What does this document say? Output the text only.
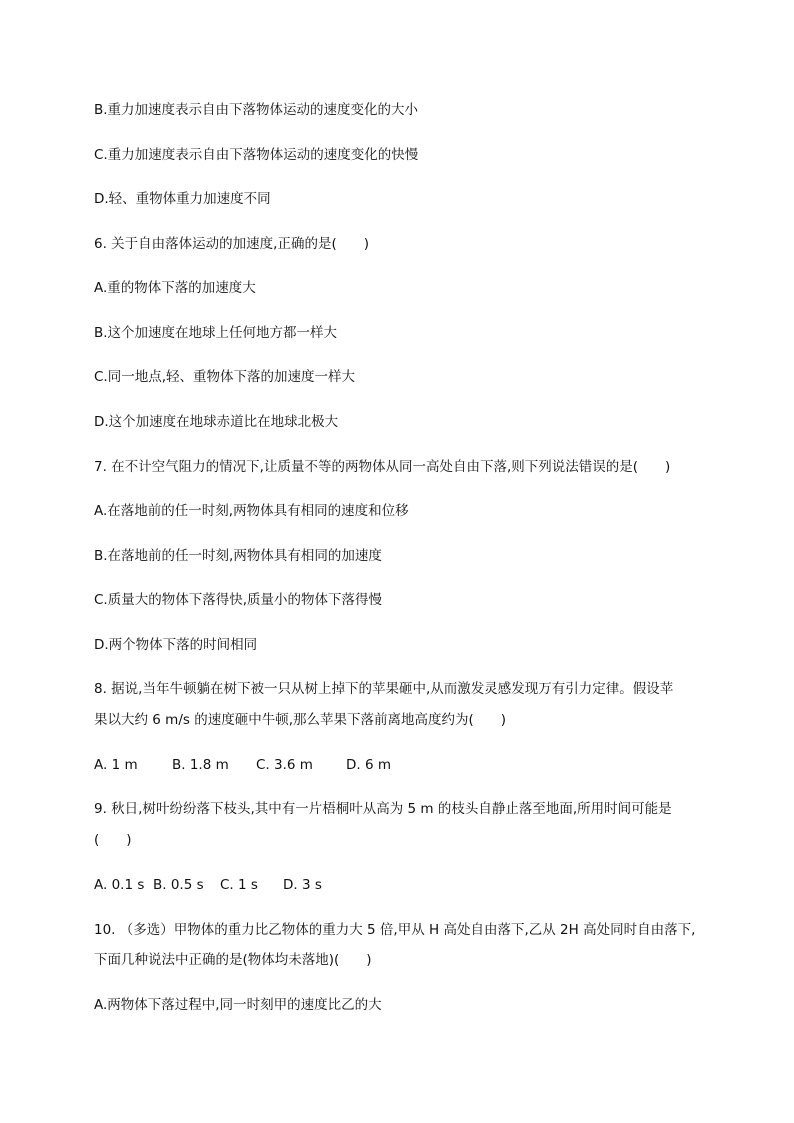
B.重力加速度表示自由下落物体运动的速度变化的大小
C.重力加速度表示自由下落物体运动的速度变化的快慢
D.轻、重物体重力加速度不同
6. 关于自由落体运动的加速度,正确的是(　　)
A.重的物体下落的加速度大
B.这个加速度在地球上任何地方都一样大
C.同一地点,轻、重物体下落的加速度一样大
D.这个加速度在地球赤道比在地球北极大
7. 在不计空气阻力的情况下,让质量不等的两物体从同一高处自由下落,则下列说法错误的是(　　)
A.在落地前的任一时刻,两物体具有相同的速度和位移
B.在落地前的任一时刻,两物体具有相同的加速度
C.质量大的物体下落得快,质量小的物体下落得慢
D.两个物体下落的时间相同
8. 据说,当年牛顿躺在树下被一只从树上掉下的苹果砸中,从而激发灵感发现万有引力定律。假设苹
果以大约 6 m/s 的速度砸中牛顿,那么苹果下落前离地高度约为(　　)
A. 1 m	B. 1.8 m C. 3.6 m D. 6 m
9. 秋日,树叶纷纷落下枝头,其中有一片梧桐叶从高为 5 m 的枝头自静止落至地面,所用时间可能是
(　　)
A. 0.1 s B. 0.5 s C. 1 s D. 3 s
10. （多选）甲物体的重力比乙物体的重力大 5 倍,甲从 H 高处自由落下,乙从 2H 高处同时自由落下,
下面几种说法中正确的是(物体均未落地)(　　)
A.两物体下落过程中,同一时刻甲的速度比乙的大
